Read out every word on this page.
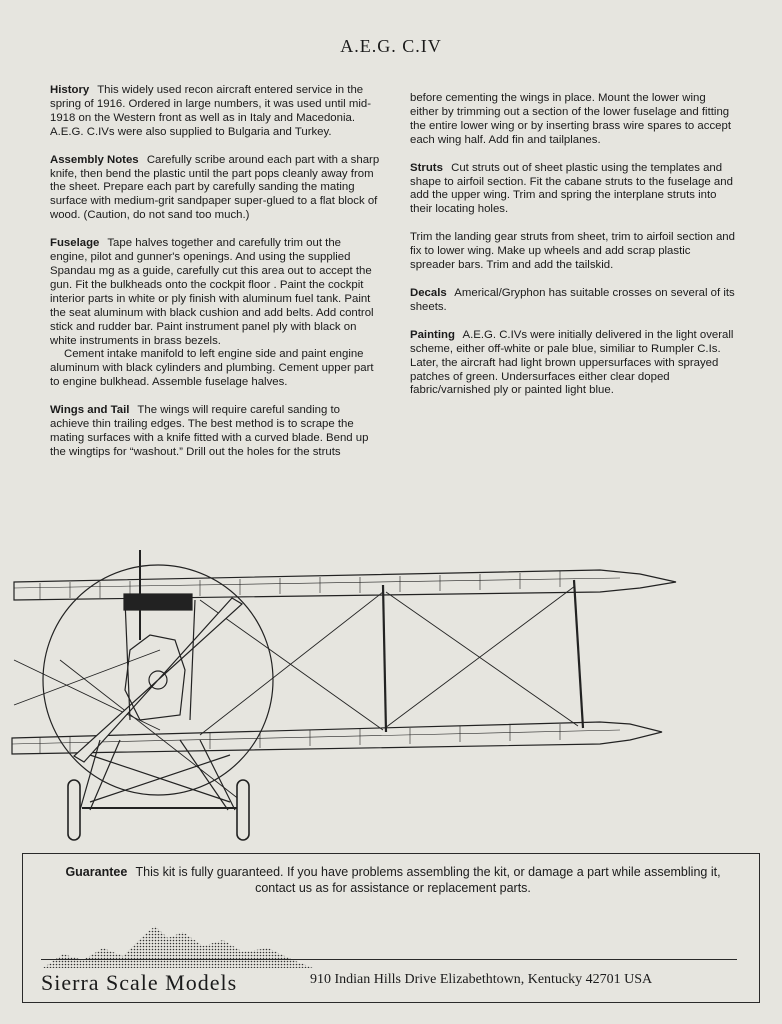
A.E.G. C.IV

History This widely used recon aircraft entered service in the spring of 1916. Ordered in large numbers, it was used until mid-1918 on the Western front as well as in Italy and Macedonia. A.E.G. C.IVs were also supplied to Bulgaria and Turkey.

Assembly Notes Carefully scribe around each part with a sharp knife, then bend the plastic until the part pops cleanly away from the sheet. Prepare each part by carefully sanding the mating surface with medium-grit sandpaper super-glued to a flat block of wood. (Caution, do not sand too much.)

Fuselage Tape halves together and carefully trim out the engine, pilot and gunner's openings. And using the supplied Spandau mg as a guide, carefully cut this area out to accept the gun. Fit the bulkheads onto the cockpit floor . Paint the cockpit interior parts in white or ply finish with aluminum fuel tank. Paint the seat aluminum with black cushion and add belts. Add control stick and rudder bar. Paint instrument panel ply with black on white instruments in brass bezels.
Cement intake manifold to left engine side and paint engine aluminum with black cylinders and plumbing. Cement upper part to engine bulkhead. Assemble fuselage halves.

Wings and Tail The wings will require careful sanding to achieve thin trailing edges. The best method is to scrape the mating surfaces with a knife fitted with a curved blade. Bend up the wingtips for “washout.” Drill out the holes for the struts

before cementing the wings in place. Mount the lower wing either by trimming out a section of the lower fuselage and fitting the entire lower wing or by inserting brass wire spares to accept each wing half. Add fin and tailplanes.

Struts Cut struts out of sheet plastic using the templates and shape to airfoil section. Fit the cabane struts to the fuselage and add the upper wing. Trim and spring the interplane struts into their locating holes.

Trim the landing gear struts from sheet, trim to airfoil section and fix to lower wing. Make up wheels and add scrap plastic spreader bars. Trim and add the tailskid.

Decals Americal/Gryphon has suitable crosses on several of its sheets.

Painting A.E.G. C.IVs were initially delivered in the light overall scheme, either off-white or pale blue, similiar to Rumpler C.Is. Later, the aircraft had light brown uppersurfaces with sprayed patches of green. Undersurfaces either clear doped fabric/varnished ply or painted light blue.

Guarantee This kit is fully guaranteed. If you have problems assembling the kit, or damage a part while assembling it, contact us as for assistance or replacement parts.
Sierra Scale Models	910 Indian Hills Drive Elizabethtown, Kentucky 42701 USA
